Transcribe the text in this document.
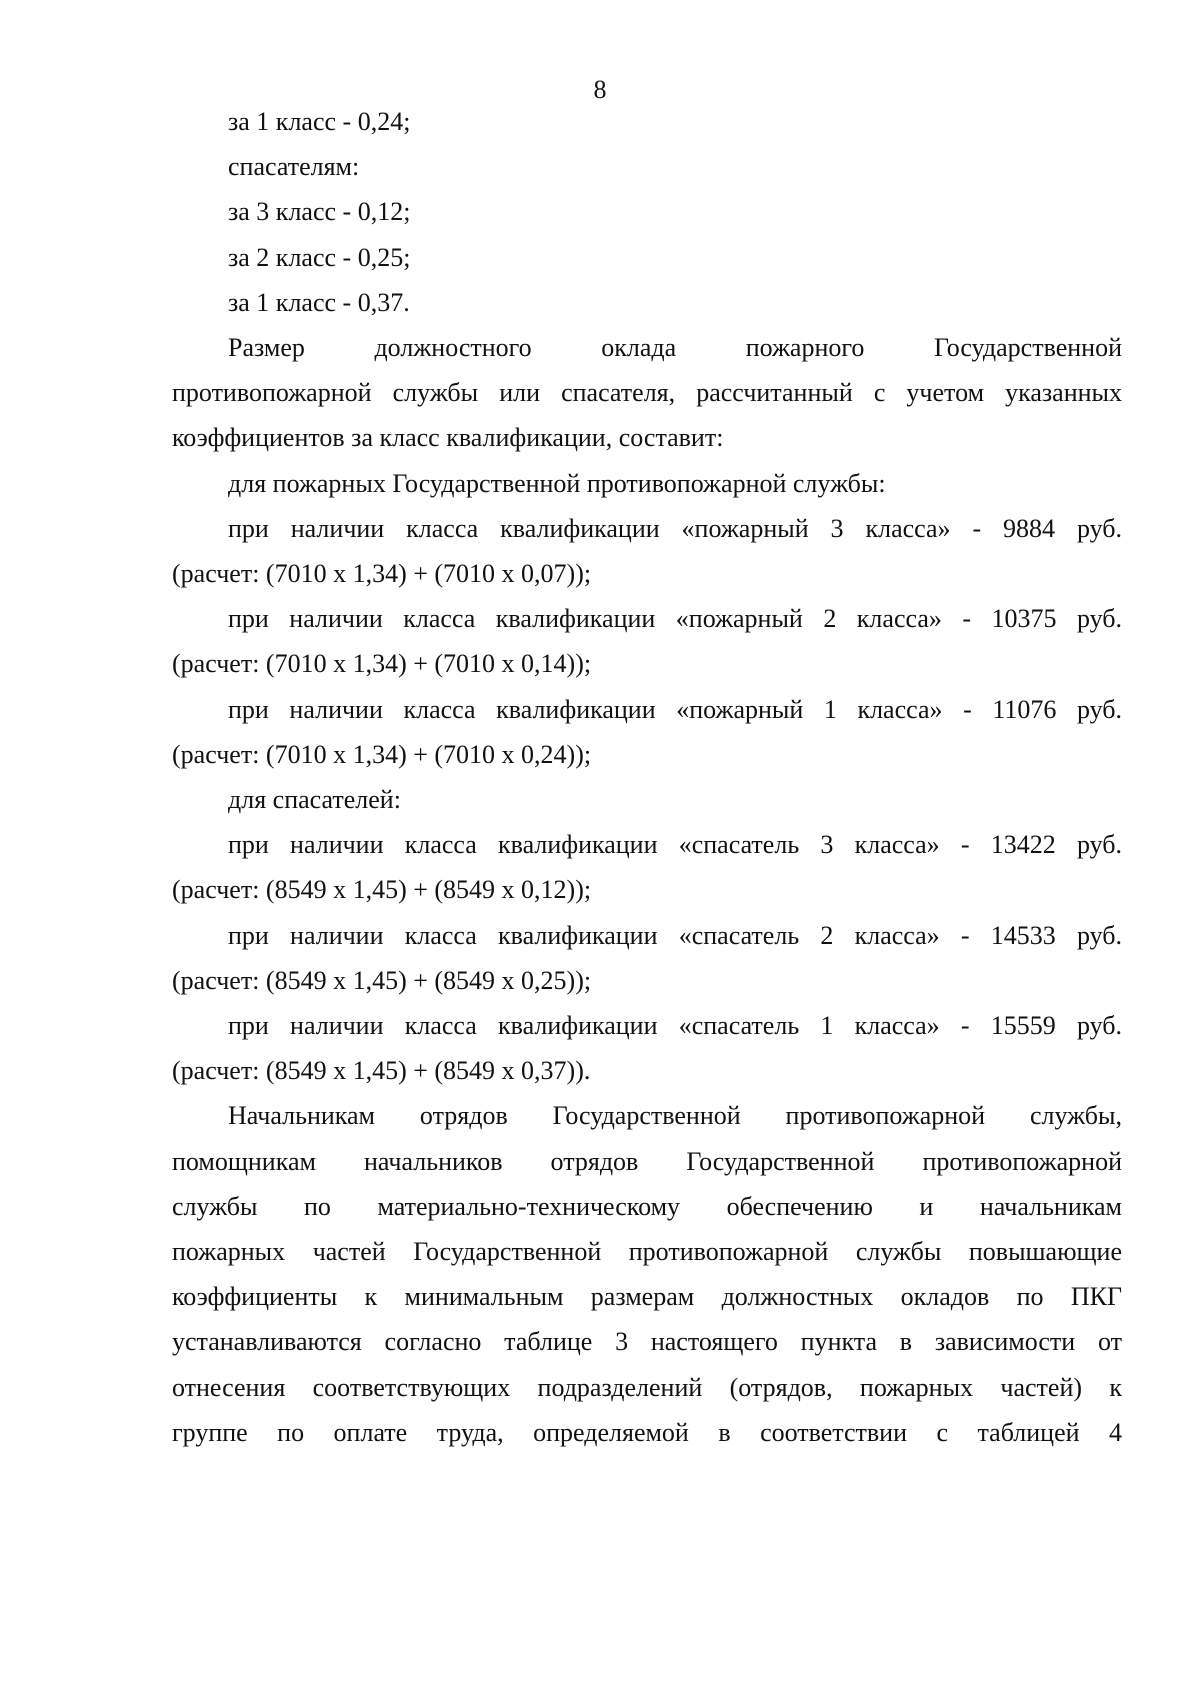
8
за 1 класс - 0,24;
спасателям:
за 3 класс - 0,12;
за 2 класс - 0,25;
за 1 класс - 0,37.
Размер должностного оклада пожарного Государственной
противопожарной службы или спасателя, рассчитанный с учетом указанных
коэффициентов за класс квалификации, составит:
для пожарных Государственной противопожарной службы:
при наличии класса квалификации «пожарный 3 класса» - 9884 руб.
(расчет: (7010 х 1,34) + (7010 х 0,07));
при наличии класса квалификации «пожарный 2 класса» - 10375 руб.
(расчет: (7010 х 1,34) + (7010 х 0,14));
при наличии класса квалификации «пожарный 1 класса» - 11076 руб.
(расчет: (7010 х 1,34) + (7010 х 0,24));
для спасателей:
при наличии класса квалификации «спасатель 3 класса» - 13422 руб.
(расчет: (8549 х 1,45) + (8549 х 0,12));
при наличии класса квалификации «спасатель 2 класса» - 14533 руб.
(расчет: (8549 х 1,45) + (8549 х 0,25));
при наличии класса квалификации «спасатель 1 класса» - 15559 руб.
(расчет: (8549 х 1,45) + (8549 х 0,37)).
Начальникам отрядов Государственной противопожарной службы,
помощникам начальников отрядов Государственной противопожарной
службы по материально-техническому обеспечению и начальникам
пожарных частей Государственной противопожарной службы повышающие
коэффициенты к минимальным размерам должностных окладов по ПКГ
устанавливаются согласно таблице 3 настоящего пункта в зависимости от
отнесения соответствующих подразделений (отрядов, пожарных частей) к
группе по оплате труда, определяемой в соответствии с таблицей 4
